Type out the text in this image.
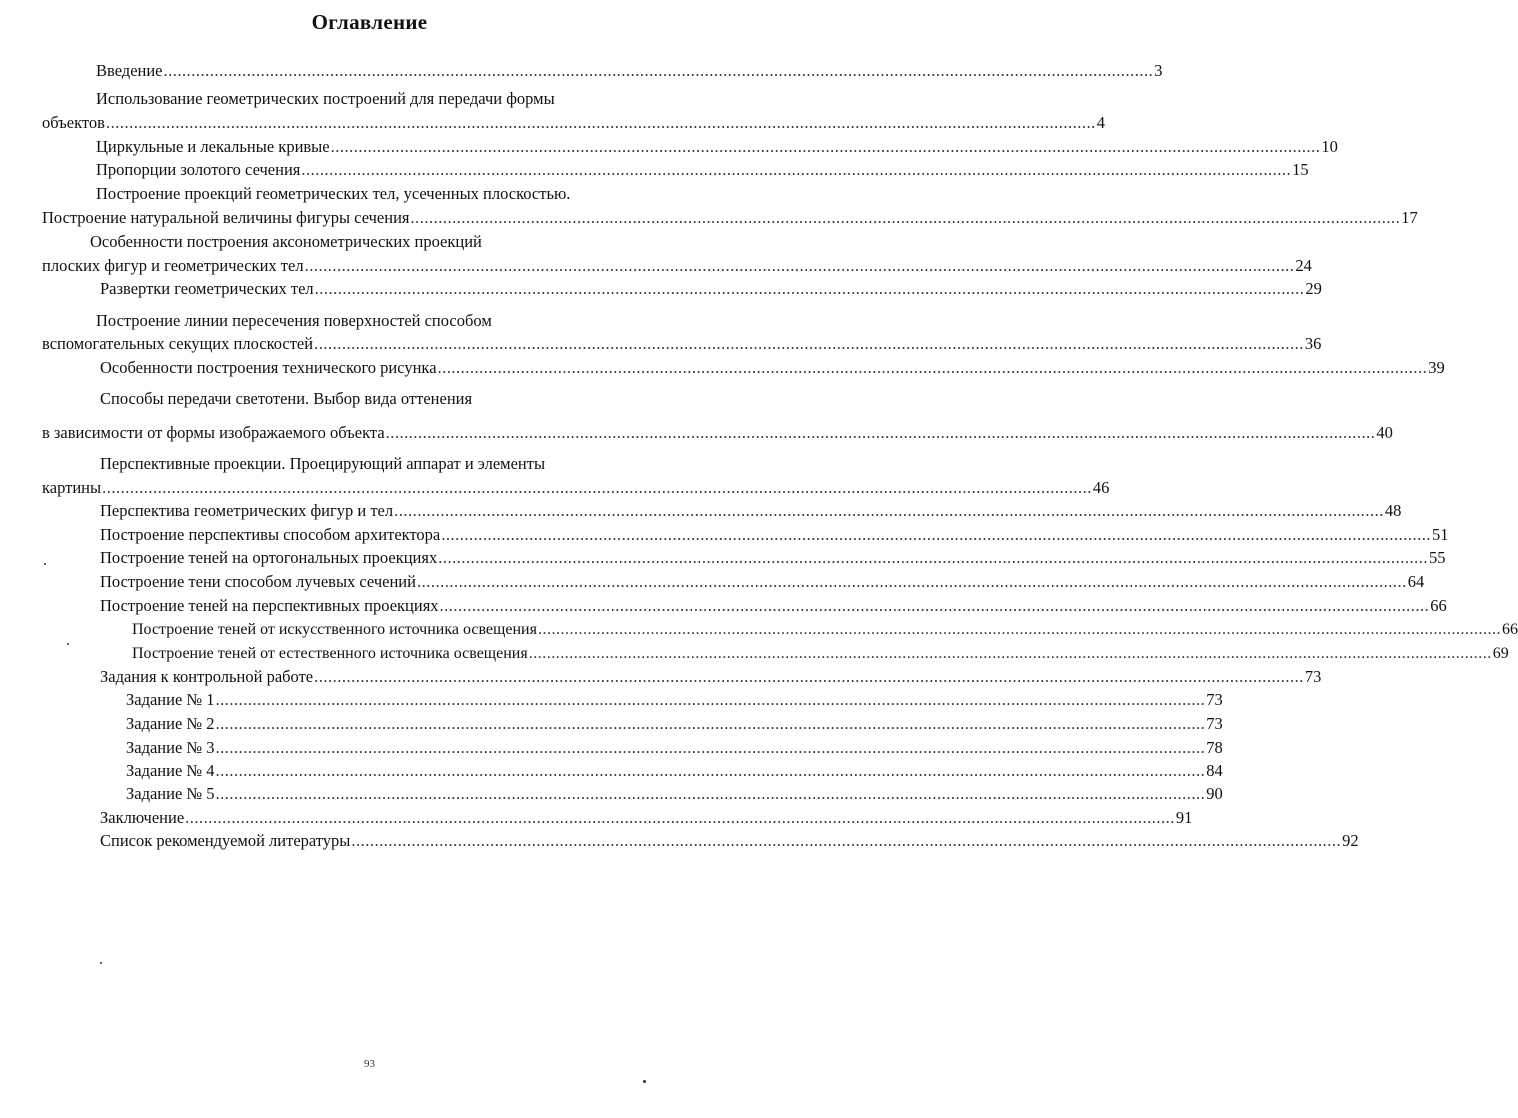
Оглавление
Введение .....	3
Использование геометрических построений для передачи формы
объектов .....	4
Циркульные и лекальные кривые .....	10
Пропорции золотого сечения .....	15
Построение проекций геометрических тел, усеченных плоскостью.
Построение натуральной величины фигуры сечения .....	17
Особенности построения аксонометрических проекций
плоских фигур и геометрических тел .....	24
Развертки геометрических тел .....	29
Построение линии пересечения поверхностей способом
вспомогательных секущих плоскостей .....	36
Особенности построения технического рисунка .....	39
Способы передачи светотени. Выбор вида оттенения
в зависимости от формы изображаемого объекта .....	40
Перспективные проекции. Проецирующий аппарат и элементы
картины .....	46
Перспектива геометрических фигур и тел .....	48
Построение перспективы способом архитектора .....	51
Построение теней на ортогональных проекциях .....	55
Построение тени способом лучевых сечений .....	64
Построение теней на перспективных проекциях .....	66
Построение теней от искусственного источника освещения .....	66
Построение теней от естественного источника освещения .....	69
Задания к контрольной работе .....	73
Задание № 1 .....	73
Задание № 2 .....	73
Задание № 3 .....	78
Задание № 4 .....	84
Задание № 5 .....	90
Заключение .....	91
Список рекомендуемой литературы .....	92
93
